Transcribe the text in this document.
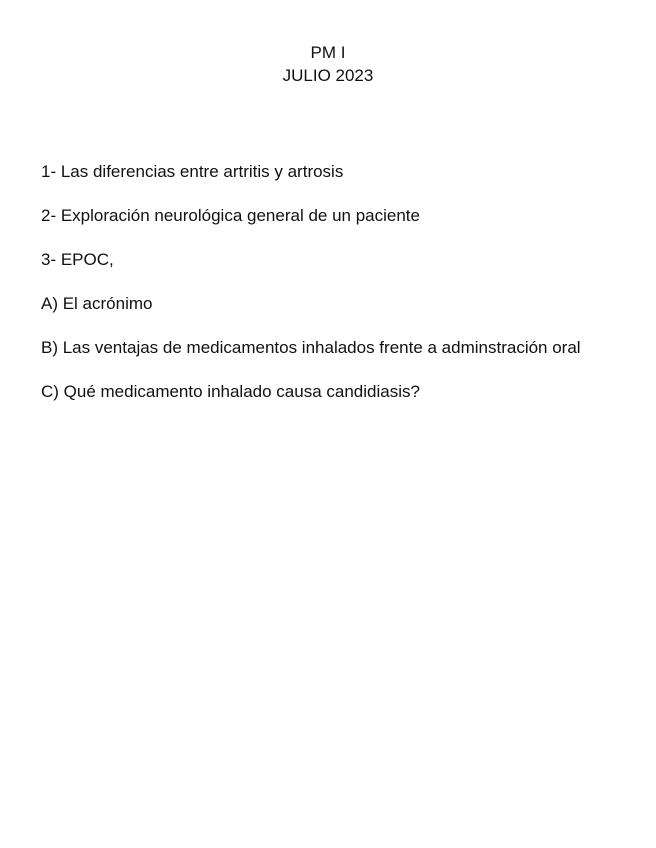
PM I
JULIO 2023

1- Las diferencias entre artritis y artrosis

2- Exploración neurológica general de un paciente

3- EPOC,

A) El acrónimo

B) Las ventajas de medicamentos inhalados frente a adminstración oral

C) Qué medicamento inhalado causa candidiasis?
